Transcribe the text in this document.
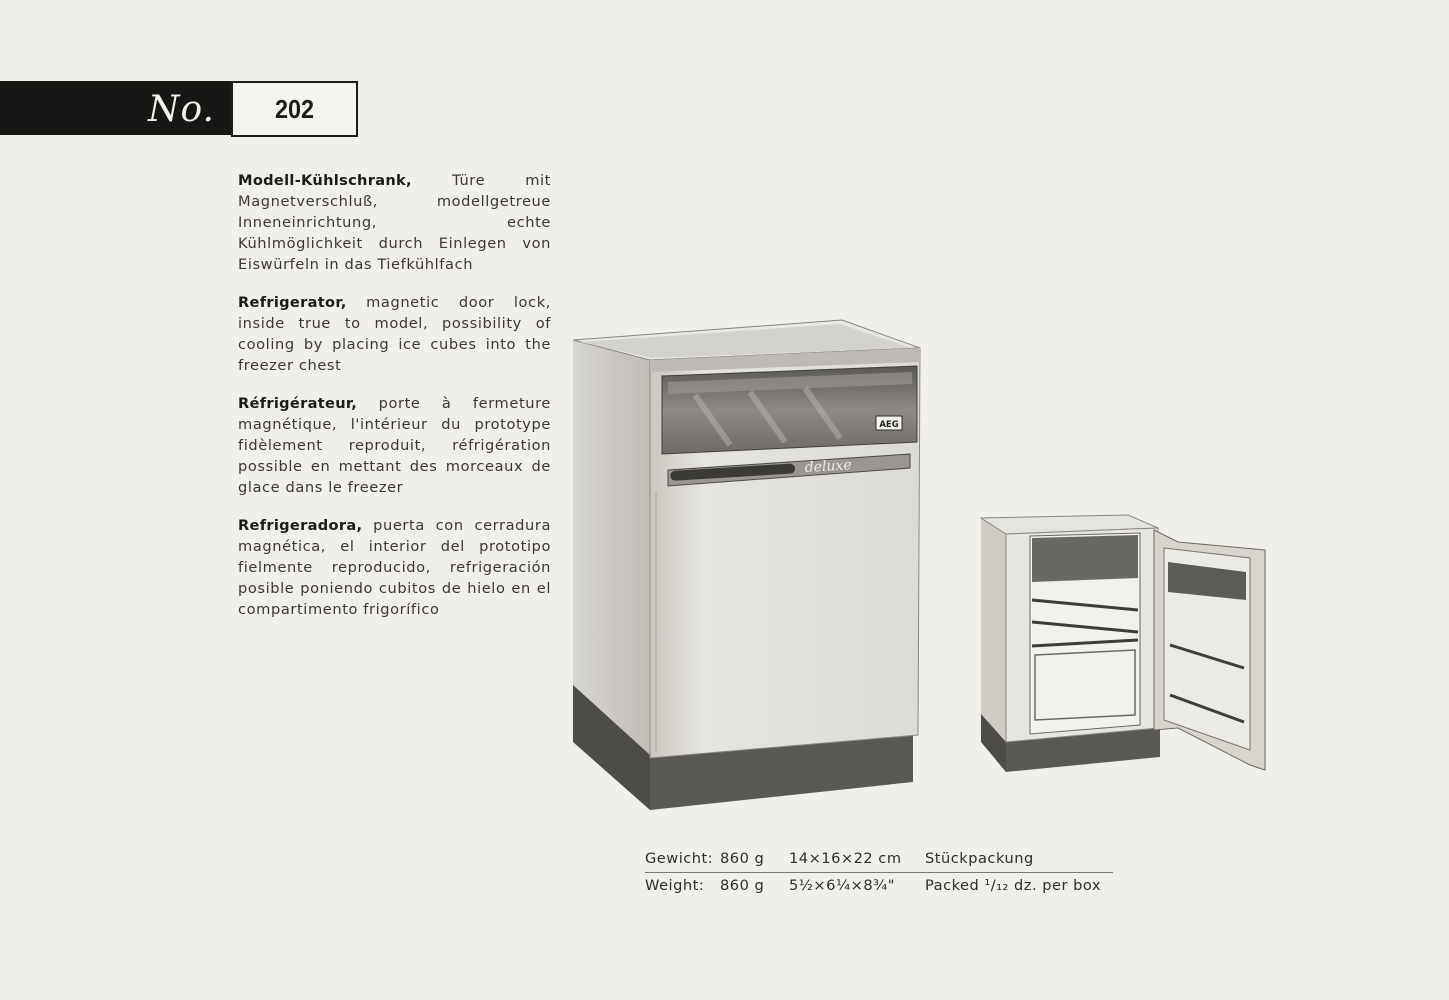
No.	202

Modell-Kühlschrank, Türe mit Magnetverschluß, modellgetreue Inneneinrichtung, echte Kühlmöglichkeit durch Einlegen von Eiswürfeln in das Tiefkühlfach

Refrigerator, magnetic door lock, inside true to model, possibility of cooling by placing ice cubes into the freezer chest

Réfrigérateur, porte à fermeture magnétique, l'intérieur du prototype fidèlement reproduit, réfrigération possible en mettant des morceaux de glace dans le freezer

Refrigeradora, puerta con cerradura magnética, el interior del prototipo fielmente reproducido, refrigeración posible poniendo cubitos de hielo en el compartimento frigorífico

AEG
deluxe
Gewicht: 860 g 14×16×22 cm Stückpackung
Weight: 860 g 5½×6¼×8¾" Packed ¹/₁₂ dz. per box
